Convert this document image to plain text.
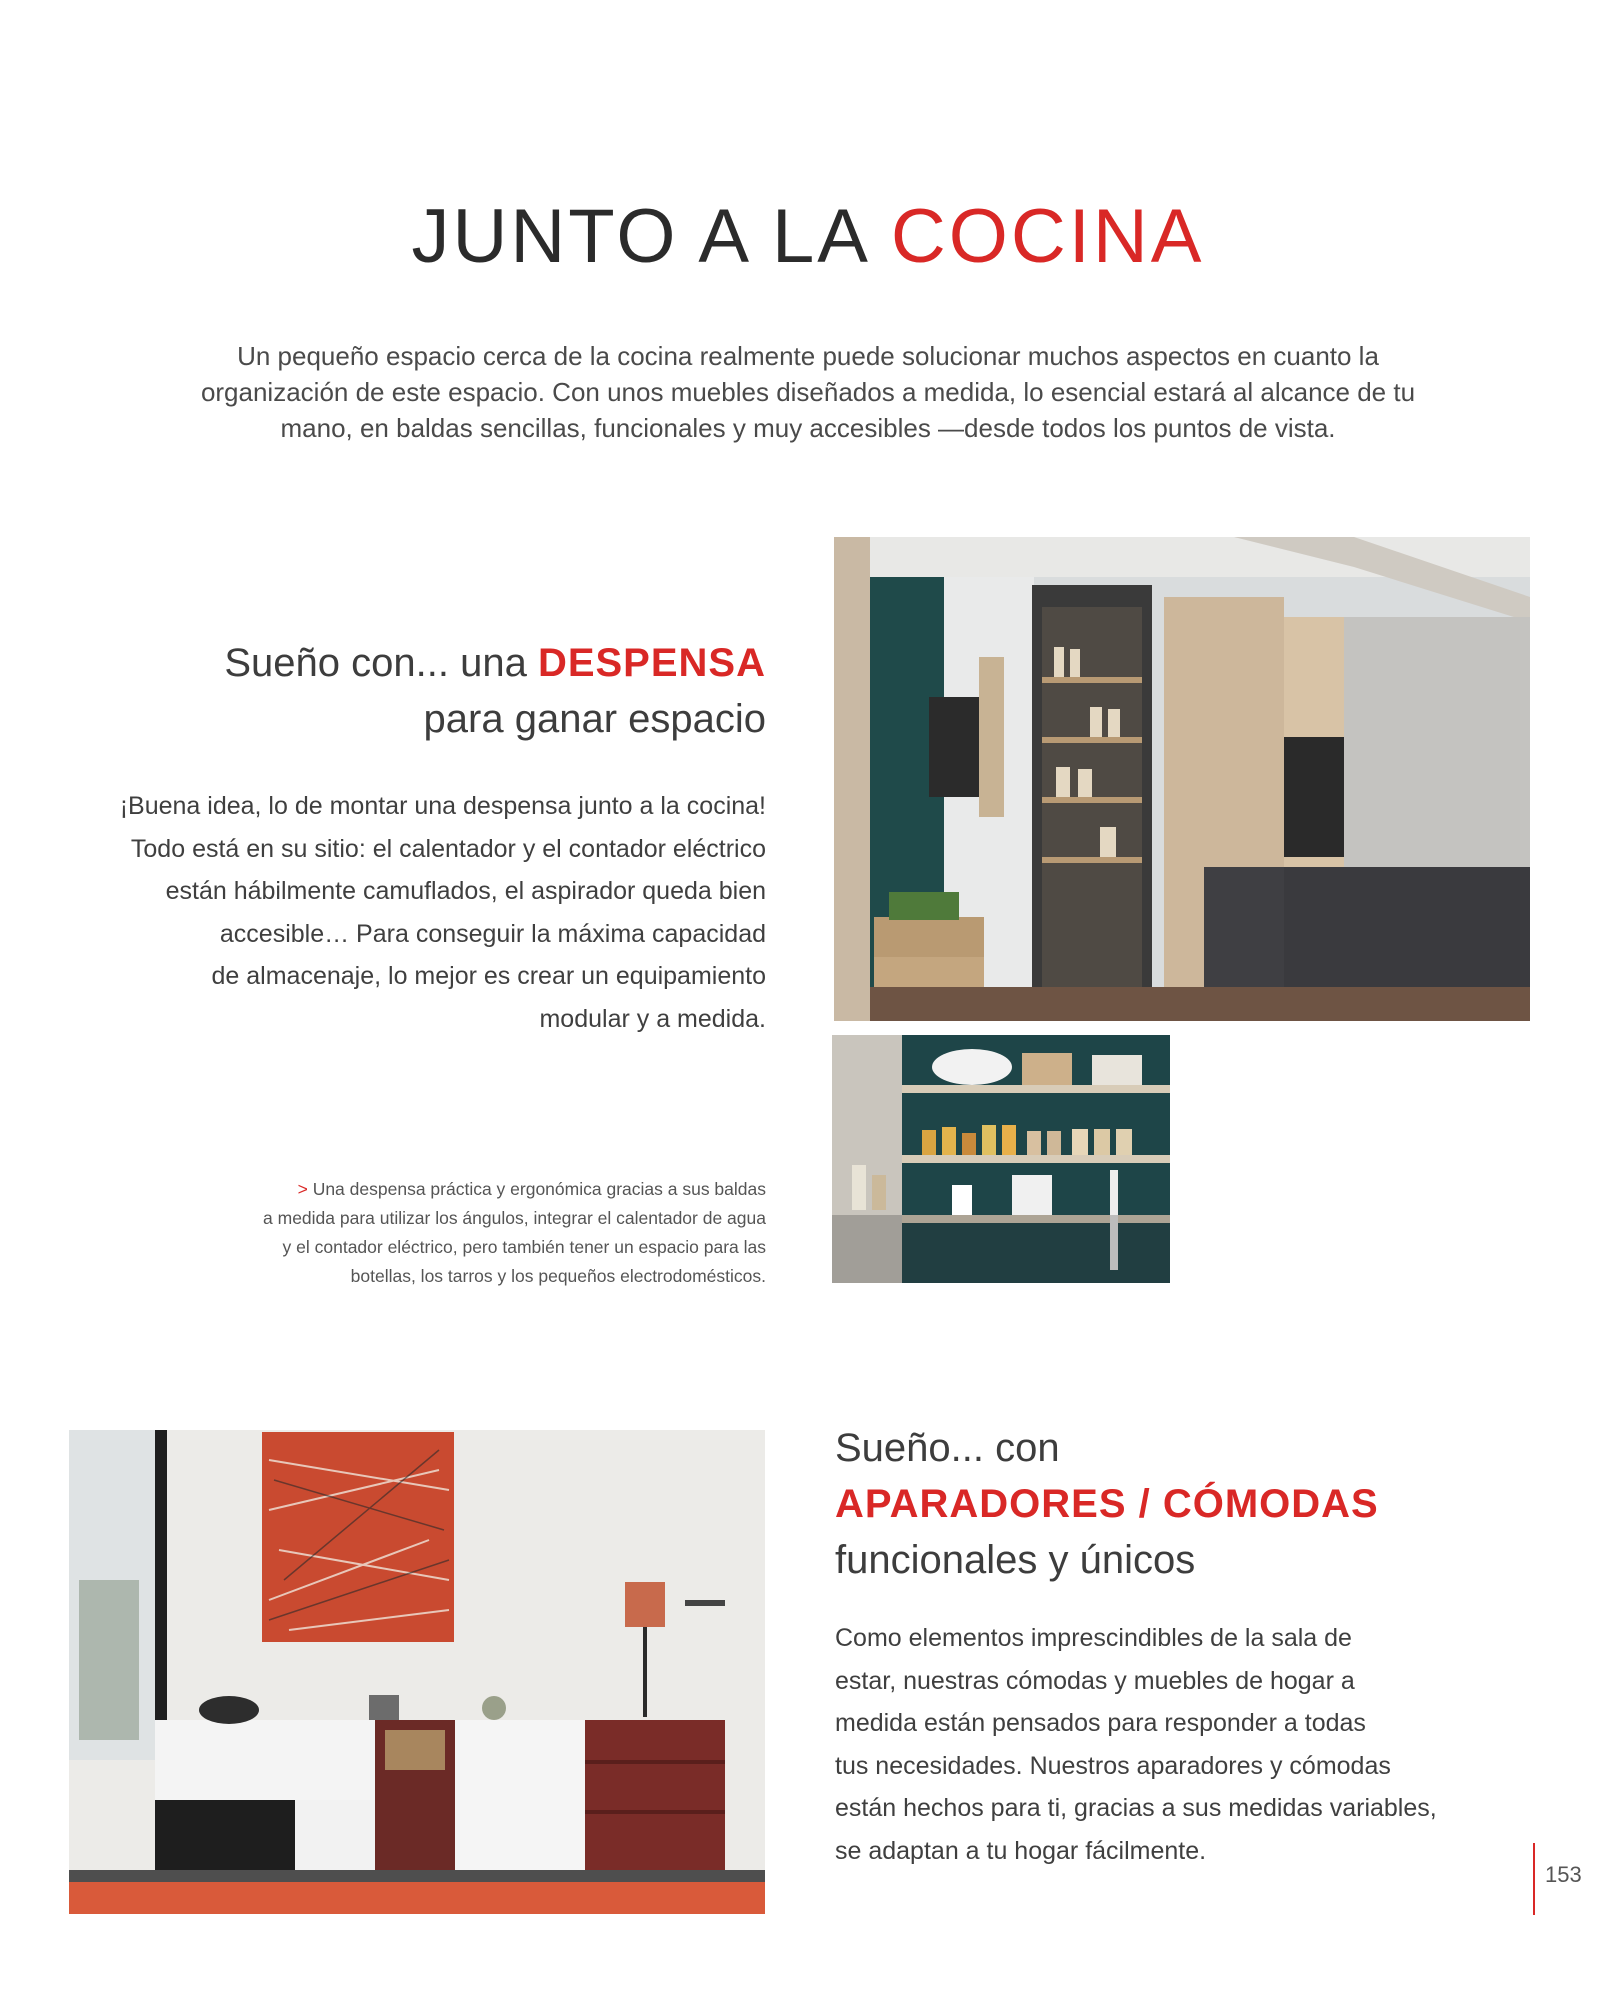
JUNTO A LA COCINA
Un pequeño espacio cerca de la cocina realmente puede solucionar muchos aspectos en cuanto la
organización de este espacio. Con unos muebles diseñados a medida, lo esencial estará al alcance de tu
mano, en baldas sencillas, funcionales y muy accesibles —desde todos los puntos de vista.
Sueño con... una DESPENSA
para ganar espacio
¡Buena idea, lo de montar una despensa junto a la cocina!
Todo está en su sitio: el calentador y el contador eléctrico
están hábilmente camuflados, el aspirador queda bien
accesible… Para conseguir la máxima capacidad
de almacenaje, lo mejor es crear un equipamiento
modular y a medida.
> Una despensa práctica y ergonómica gracias a sus baldas
a medida para utilizar los ángulos, integrar el calentador de agua
y el contador eléctrico, pero también tener un espacio para las
botellas, los tarros y los pequeños electrodomésticos.
Sueño... con
APARADORES / CÓMODAS
funcionales y únicos
Como elementos imprescindibles de la sala de
estar, nuestras cómodas y muebles de hogar a
medida están pensados para responder a todas
tus necesidades. Nuestros aparadores y cómodas
están hechos para ti, gracias a sus medidas variables,
se adaptan a tu hogar fácilmente.
153
